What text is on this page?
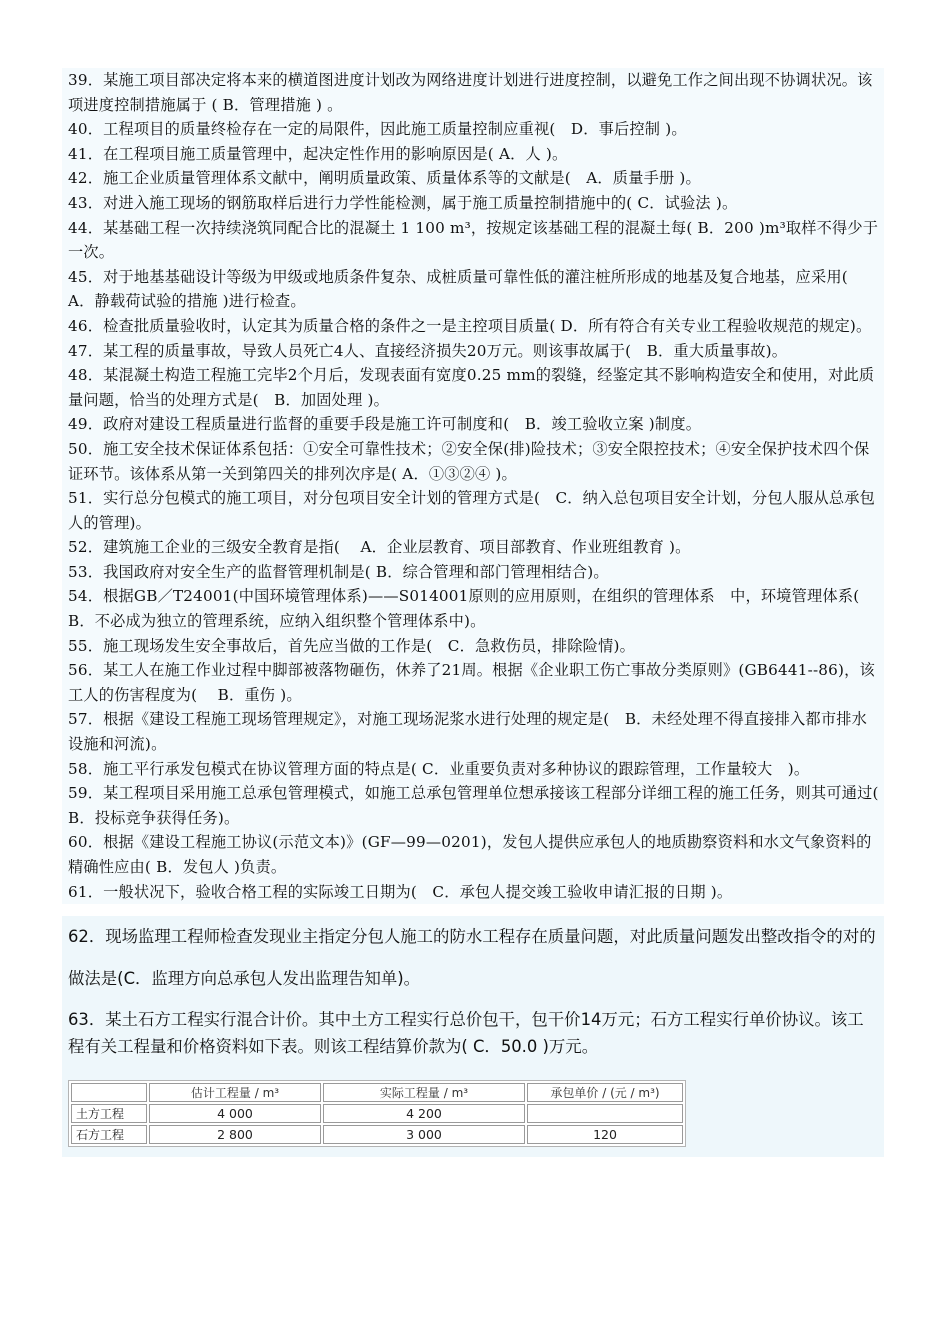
39．某施工项目部决定将本来的横道图进度计划改为网络进度计划进行进度控制，以避免工作之间出现不协调状况。该项进度控制措施属于 ( B．管理措施 ) 。

40．工程项目的质量终检存在一定的局限件，因此施工质量控制应重视(　D．事后控制 )。

41．在工程项目施工质量管理中，起决定性作用的影响原因是( A．人 )。

42．施工企业质量管理体系文献中，阐明质量政策、质量体系等的文献是(　A．质量手册 )。

43．对进入施工现场的钢筋取样后进行力学性能检测，属于施工质量控制措施中的( C．试验法 )。

44．某基础工程一次持续浇筑同配合比的混凝土 1 100 m³，按规定该基础工程的混凝土每( B．200 )m³取样不得少于一次。

45．对于地基基础设计等级为甲级或地质条件复杂、成桩质量可靠性低的灌注桩所形成的地基及复合地基，应采用(　A．静载荷试验的措施 )进行检查。

46．检查批质量验收时，认定其为质量合格的条件之一是主控项目质量( D．所有符合有关专业工程验收规范的规定)。

47．某工程的质量事故，导致人员死亡4人、直接经济损失20万元。则该事故属于(　B．重大质量事故)。

48．某混凝土构造工程施工完毕2个月后，发现表面有宽度0.25 mm的裂缝，经鉴定其不影响构造安全和使用，对此质量问题，恰当的处理方式是(　B．加固处理 )。

49．政府对建设工程质量进行监督的重要手段是施工许可制度和(　B．竣工验收立案 )制度。

50．施工安全技术保证体系包括：①安全可靠性技术；②安全保(排)险技术；③安全限控技术；④安全保护技术四个保证环节。该体系从第一关到第四关的排列次序是( A．①③②④ )。

51．实行总分包模式的施工项目，对分包项目安全计划的管理方式是(　C．纳入总包项目安全计划，分包人服从总承包人的管理)。

52．建筑施工企业的三级安全教育是指(　 A．企业层教育、项目部教育、作业班组教育 )。

53．我国政府对安全生产的监督管理机制是( B．综合管理和部门管理相结合)。

54．根据GB／T24001(中国环境管理体系)——S014001原则的应用原则，在组织的管理体系　中，环境管理体系(　B．不必成为独立的管理系统，应纳入组织整个管理体系中)。

55．施工现场发生安全事故后，首先应当做的工作是(　C．急救伤员，排除险情)。

56．某工人在施工作业过程中脚部被落物砸伤，休养了21周。根据《企业职工伤亡事故分类原则》(GB6441--86)，该工人的伤害程度为(　 B．重伤 )。

57．根据《建设工程施工现场管理规定》，对施工现场泥浆水进行处理的规定是(　B．未经处理不得直接排入都市排水设施和河流)。

58．施工平行承发包模式在协议管理方面的特点是( C．业重要负责对多种协议的跟踪管理，工作量较大　)。

59．某工程项目采用施工总承包管理模式，如施工总承包管理单位想承接该工程部分详细工程的施工任务，则其可通过(　B．投标竞争获得任务)。

60．根据《建设工程施工协议(示范文本)》(GF—99—0201)，发包人提供应承包人的地质勘察资料和水文气象资料的精确性应由( B．发包人 )负责。

61．一般状况下，验收合格工程的实际竣工日期为(　C．承包人提交竣工验收申请汇报的日期 )。

62．现场监理工程师检查发现业主指定分包人施工的防水工程存在质量问题，对此质量问题发出整改指令的对的做法是(C．监理方向总承包人发出监理告知单)。

63．某土石方工程实行混合计价。其中土方工程实行总价包干，包干价14万元；石方工程实行单价协议。该工程有关工程量和价格资料如下表。则该工程结算价款为( C．50.0 )万元。

	估计工程量 / m³	实际工程量 / m³	承包单价 / (元 / m³)
土方工程	4 000	4 200	
石方工程	2 800	3 000	120
